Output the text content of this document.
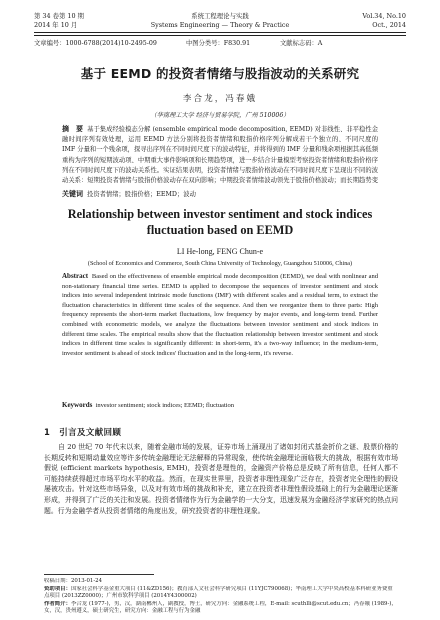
第 34 卷第 10 期	系统工程理论与实践	Vol.34, No.10
2014 年 10 月	Systems Engineering — Theory & Practice	Oct., 2014
文章编号：1000-6788(2014)10-2495-09	中图分类号：F830.91	文献标志码：A
基于 EEMD 的投资者情绪与股指波动的关系研究
李合龙，冯春娥
（华南理工大学 经济与贸易学院，广州 510006）
摘　要 基于集成经验模态分解 (ensemble empirical mode decomposition, EEMD) 对非线性、非平稳性金融时间序列有效处理，运用 EEMD 方法分别将投资者情绪和股指价格序列分解成若干个独立的、不同尺度的 IMF 分量和一个残余项，探寻出序列在不同时间尺度下的波动特征，并将得到的 IMF 分量和残余项根据其高低频重构为序列的短期波动项、中期重大事件影响项和长期趋势项，进一步结合计量模型考察投资者情绪和股指价格序列在不同时间尺度下的波动关系性。实证结果表明，投资者情绪与股指价格波动在不同时间尺度下呈现出不同的波动关系：短期投资者情绪与股指价格波动存在双向影响；中期投资者情绪波动领先于股指价格波动；而长期趋势变
关键词 投资者情绪；股指价格；EEMD；波动
Relationship between investor sentiment and stock indices fluctuation based on EEMD
LI He-long, FENG Chun-e
(School of Economics and Commerce, South China University of Technology, Guangzhou 510006, China)
Abstract Based on the effectiveness of ensemble empirical mode decomposition (EEMD), we deal with nonlinear and non-stationary financial time series. EEMD is applied to decompose the sequences of investor sentiment and stock indices into several independent intrinsic mode functions (IMF) with different scales and a residual term, to extract the fluctuation characteristics in different time scales of the sequence. And then we reorganize them to three parts: High frequency represents the short-term market fluctuations, low frequency by major events, and long-term trend. Further combined with econometric models, we analyze the fluctuations between investor sentiment and stock indices in different time scales. The empirical results show that the fluctuation relationship between investor sentiment and stock indices in different time scales is significantly different: in short-term, it's a two-way influence; in the medium-term, investor sentiment is ahead of stock indices' fluctuation and in the long-term, it's reverse.
Keywords investor sentiment; stock indices; EEMD; fluctuation
1　引言及文献回顾
自 20 世纪 70 年代末以来，随着金融市场的发展，证券市场上涌现出了诸如封闭式基金折价之谜、股票价格的长期反转和短期动量效应等许多传统金融理论无法解释的异常现象，使传统金融理论面临极大的挑战，根据有效市场假说 (efficient markets hypothesis, EMH)，投资者是理性的，金融资产价格总是反映了所有信息，任何人都不可能持续获得超过市场平均水平的收益。然而，在现实世界里，投资者非理性现象广泛存在，投资者完全理性的假设屡被攻击。针对这些市场异象，以及对有效市场的挑战和补充，建立在投资者非理性假设基础上的行为金融理论逐渐形成，并得到了广泛的关注和发展。投资者情绪作为行为金融学的一大分支，迅速发展为金融经济学家研究的热点问题。行为金融学者从投资者情绪的角度出发，研究投资者的非理性现象。
收稿日期：2013-01-24
资助项目：国家社会科学基金重大项目 (11&ZD156)；教育部人文社会科学研究项目 (11YJC790068)；华南理工大学中央高校基本科研业务费重点项目 (2013ZZ0000)；广州市软科学项目 (2014Y4300002)
作者简介：李合龙 (1977-)，男，汉，湖南郴州人，副教授，博士，研究方向：金融系统工程，E-mail: scuthlli@scut.edu.cn；冯春娥 (1989-)，女，汉，贵州遵义，硕士研究生，研究方向：金融工程与行为金融
